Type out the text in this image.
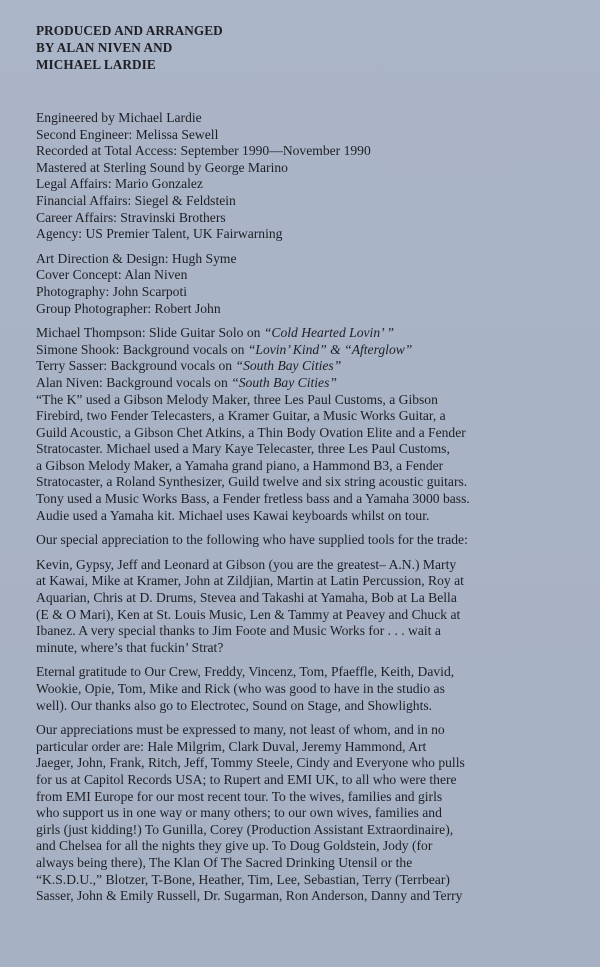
PRODUCED AND ARRANGED
BY ALAN NIVEN AND
MICHAEL LARDIE
Engineered by Michael Lardie
Second Engineer: Melissa Sewell
Recorded at Total Access: September 1990—November 1990
Mastered at Sterling Sound by George Marino
Legal Affairs: Mario Gonzalez
Financial Affairs: Siegel & Feldstein
Career Affairs: Stravinski Brothers
Agency: US Premier Talent, UK Fairwarning
Art Direction & Design: Hugh Syme
Cover Concept: Alan Niven
Photography: John Scarpoti
Group Photographer: Robert John
Michael Thompson: Slide Guitar Solo on “Cold Hearted Lovin’ ”
Simone Shook: Background vocals on “Lovin’ Kind” & “Afterglow”
Terry Sasser: Background vocals on “South Bay Cities”
Alan Niven: Background vocals on “South Bay Cities”
“The K” used a Gibson Melody Maker, three Les Paul Customs, a Gibson
Firebird, two Fender Telecasters, a Kramer Guitar, a Music Works Guitar, a
Guild Acoustic, a Gibson Chet Atkins, a Thin Body Ovation Elite and a Fender
Stratocaster. Michael used a Mary Kaye Telecaster, three Les Paul Customs,
a Gibson Melody Maker, a Yamaha grand piano, a Hammond B3, a Fender
Stratocaster, a Roland Synthesizer, Guild twelve and six string acoustic guitars.
Tony used a Music Works Bass, a Fender fretless bass and a Yamaha 3000 bass.
Audie used a Yamaha kit. Michael uses Kawai keyboards whilst on tour.
Our special appreciation to the following who have supplied tools for the trade:
Kevin, Gypsy, Jeff and Leonard at Gibson (you are the greatest– A.N.) Marty
at Kawai, Mike at Kramer, John at Zildjian, Martin at Latin Percussion, Roy at
Aquarian, Chris at D. Drums, Stevea and Takashi at Yamaha, Bob at La Bella
(E & O Mari), Ken at St. Louis Music, Len & Tammy at Peavey and Chuck at
Ibanez. A very special thanks to Jim Foote and Music Works for . . . wait a
minute, where’s that fuckin’ Strat?
Eternal gratitude to Our Crew, Freddy, Vincenz, Tom, Pfaeffle, Keith, David,
Wookie, Opie, Tom, Mike and Rick (who was good to have in the studio as
well). Our thanks also go to Electrotec, Sound on Stage, and Showlights.
Our appreciations must be expressed to many, not least of whom, and in no
particular order are: Hale Milgrim, Clark Duval, Jeremy Hammond, Art
Jaeger, John, Frank, Ritch, Jeff, Tommy Steele, Cindy and Everyone who pulls
for us at Capitol Records USA; to Rupert and EMI UK, to all who were there
from EMI Europe for our most recent tour. To the wives, families and girls
who support us in one way or many others; to our own wives, families and
girls (just kidding!) To Gunilla, Corey (Production Assistant Extraordinaire),
and Chelsea for all the nights they give up. To Doug Goldstein, Jody (for
always being there), The Klan Of The Sacred Drinking Utensil or the
“K.S.D.U.,” Blotzer, T-Bone, Heather, Tim, Lee, Sebastian, Terry (Terrbear)
Sasser, John & Emily Russell, Dr. Sugarman, Ron Anderson, Danny and Terry
